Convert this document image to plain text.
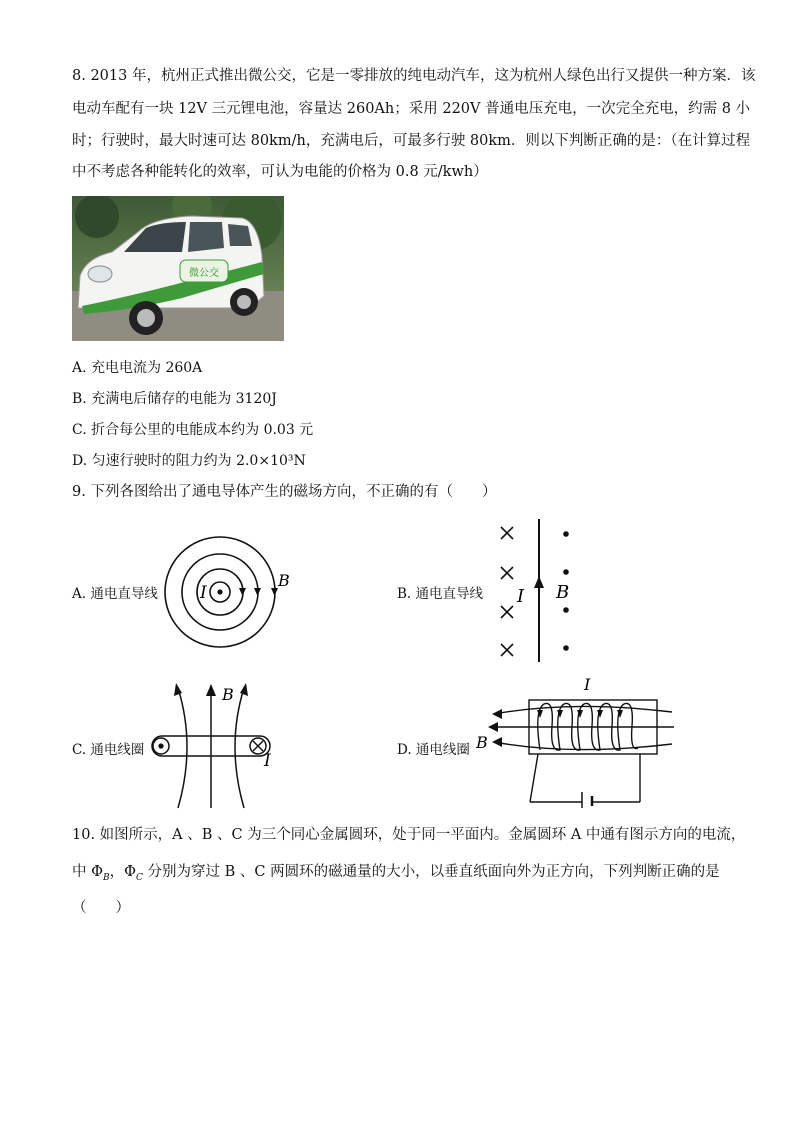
8. 2013 年，杭州正式推出微公交，它是一零排放的纯电动汽车，这为杭州人绿色出行又提供一种方案．该
电动车配有一块 12V 三元锂电池，容量达 260Ah；采用 220V 普通电压充电，一次完全充电，约需 8 小
时；行驶时，最大时速可达 80km/h，充满电后，可最多行驶 80km．则以下判断正确的是：（在计算过程
中不考虑各种能转化的效率，可认为电能的价格为 0.8 元/kwh）
微公交
A. 充电电流为 260A
B. 充满电后储存的电能为 3120J
C. 折合每公里的电能成本约为 0.03 元
D. 匀速行驶时的阻力约为 2.0×10³N
9. 下列各图给出了通电导体产生的磁场方向，不正确的有（　　）
A. 通电直导线 I
B
B. 通电直导线 I B
C. 通电线圈
B
I
D. 通电线圈
I
B
10. 如图所示，A 、B 、C 为三个同心金属圆环，处于同一平面内。金属圆环 A 中通有图示方向的电流，
中 $\Phi_B$，$\Phi_C$ 分别为穿过 B 、C 两圆环的磁通量的大小，以垂直纸面向外为正方向，下列判断正确的是
（　　）
